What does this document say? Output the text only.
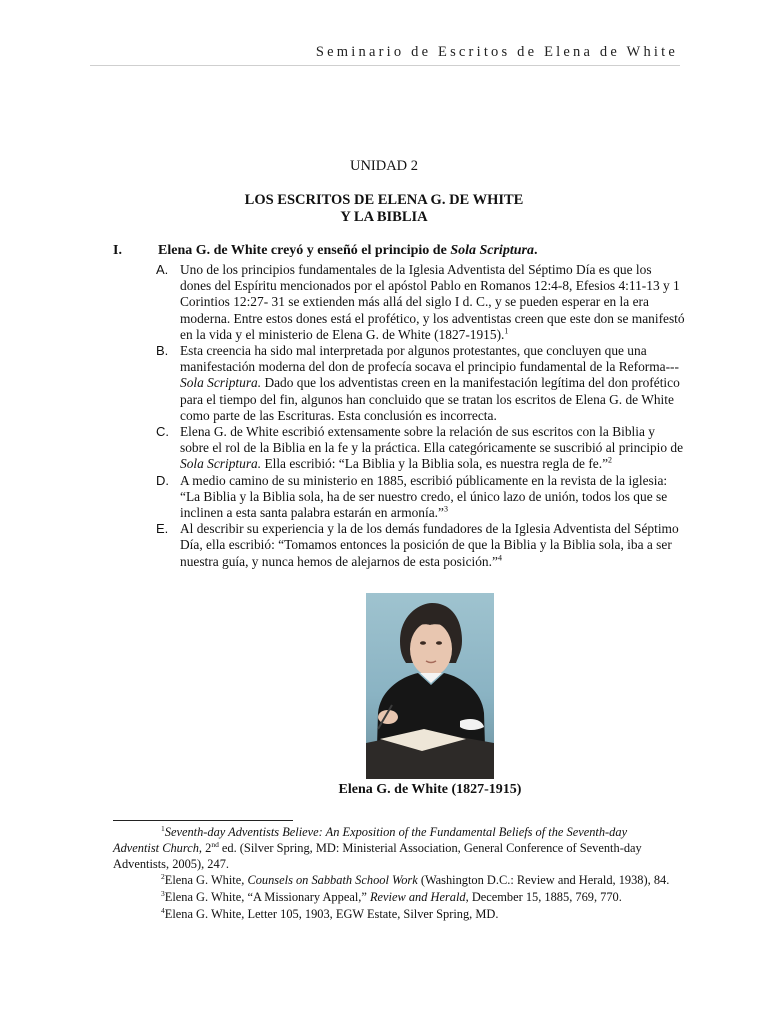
Seminario de Escritos de Elena de White
UNIDAD 2
LOS ESCRITOS DE ELENA G. DE WHITE
Y LA BIBLIA
I.	Elena G. de White creyó y enseñó el principio de Sola Scriptura.
A. Uno de los principios fundamentales de la Iglesia Adventista del Séptimo Día es que los dones del Espíritu mencionados por el apóstol Pablo en Romanos 12:4-8, Efesios 4:11-13 y 1 Corintios 12:27- 31 se extienden más allá del siglo I d. C., y se pueden esperar en la era moderna. Entre estos dones está el profético, y los adventistas creen que este don se manifestó en la vida y el ministerio de Elena G. de White (1827-1915).$^1$
B. Esta creencia ha sido mal interpretada por algunos protestantes, que concluyen que una manifestación moderna del don de profecía socava el principio fundamental de la Reforma---Sola Scriptura. Dado que los adventistas creen en la manifestación legítima del don profético para el tiempo del fin, algunos han concluido que se tratan los escritos de Elena G. de White como parte de las Escrituras. Esta conclusión es incorrecta.
C. Elena G. de White escribió extensamente sobre la relación de sus escritos con la Biblia y sobre el rol de la Biblia en la fe y la práctica. Ella categóricamente se suscribió al principio de Sola Scriptura. Ella escribió: “La Biblia y la Biblia sola, es nuestra regla de fe.”$^2$
D. A medio camino de su ministerio en 1885, escribió públicamente en la revista de la iglesia: “La Biblia y la Biblia sola, ha de ser nuestro credo, el único lazo de unión, todos los que se inclinen a esta santa palabra estarán en armonía.”$^3$
E. Al describir su experiencia y la de los demás fundadores de la Iglesia Adventista del Séptimo Día, ella escribió: “Tomamos entonces la posición de que la Biblia y la Biblia sola, iba a ser nuestra guía, y nunca hemos de alejarnos de esta posición.”$^4$
Elena G. de White (1827-1915)

$^1$Seventh-day Adventists Believe: An Exposition of the Fundamental Beliefs of the Seventh-day Adventist Church, 2nd ed. (Silver Spring, MD: Ministerial Association, General Conference of Seventh-day Adventists, 2005), 247.

$^2$Elena G. White, Counsels on Sabbath School Work (Washington D.C.: Review and Herald, 1938), 84.

$^3$Elena G. White, “A Missionary Appeal,” Review and Herald, December 15, 1885, 769, 770.

$^4$Elena G. White, Letter 105, 1903, EGW Estate, Silver Spring, MD.
